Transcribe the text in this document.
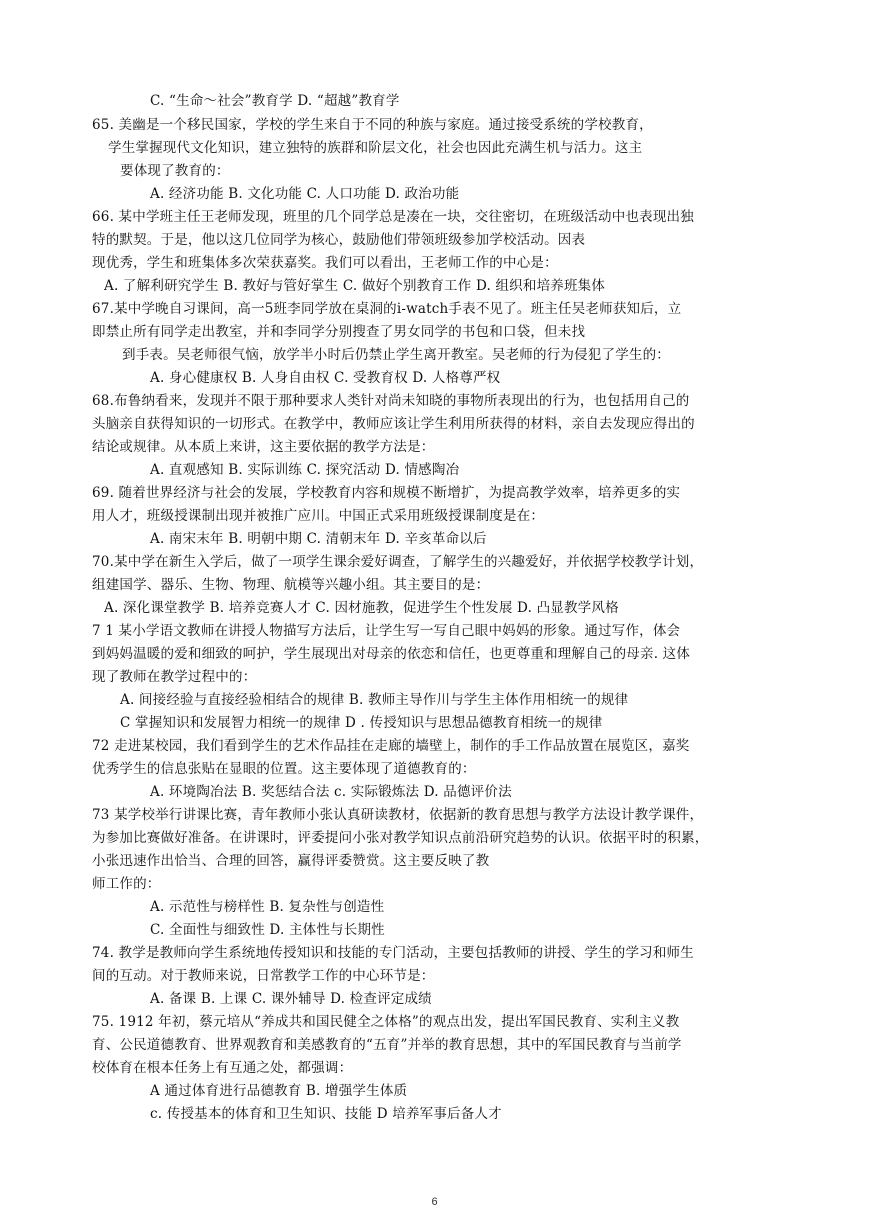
C. “生命～社会”教育学 D. “超越”教育学
65. 美幽是一个移民国家，学校的学生来自于不同的种族与家庭。通过接受系统的学校教育，
学生掌握现代文化知识，建立独特的族群和阶层文化，社会也因此充满生机与活力。这主
要体现了教育的：
A. 经济功能 B. 文化功能 C. 人口功能 D. 政治功能
66. 某中学班主任王老师发现，班里的几个同学总是凑在一块，交往密切，在班级活动中也表现出独
特的默契。于是，他以这几位同学为核心，鼓励他们带领班级参加学校活动。因表
现优秀，学生和班集体多次荣获嘉奖。我们可以看出，王老师工作的中心是：
A. 了解利研究学生 B. 教好与管好掌生 C. 做好个别教育工作 D. 组织和培养班集体
67.某中学晚自习课间，高一5班李同学放在桌洞的i-watch手表不见了。班主任吴老师获知后，立
即禁止所有同学走出教室，并和李同学分别搜查了男女同学的书包和口袋，但未找
到手表。吴老师很气恼，放学半小时后仍禁止学生离开教室。吴老师的行为侵犯了学生的：
A. 身心健康权 B. 人身自由权 C. 受教育权 D. 人格尊严权
68.布鲁纳看来，发现并不限于那种要求人类针对尚未知晓的事物所表现出的行为，也包括用自己的
头脑亲自获得知识的一切形式。在教学中，教师应该让学生利用所获得的材料，亲自去发现应得出的
结论或规律。从本质上来讲，这主要依据的教学方法是：
A. 直观感知 B. 实际训练 C. 探究活动 D. 情感陶冶
69. 随着世界经济与社会的发展，学校教育内容和规模不断增扩，为提高教学效率，培养更多的实
用人才，班级授课制出现并被推广应川。中国正式采用班级授课制度是在：
A. 南宋末年 B. 明朝中期 C. 清朝末年 D. 辛亥革命以后
70.某中学在新生入学后，做了一项学生课余爱好调查，了解学生的兴趣爱好，并依据学校教学计划，
组建国学、器乐、生物、物理、航模等兴趣小组。其主要目的是：
A. 深化课堂教学 B. 培养竞赛人才 C. 因材施教，促进学生个性发展 D. 凸显教学风格
7 1 某小学语文教师在讲授人物描写方法后，让学生写一写自己眼中妈妈的形象。通过写作，体会
到妈妈温暖的爱和细致的呵护，学生展现出对母亲的依恋和信任，也更尊重和理解自己的母亲. 这体
现了教师在教学过程中的：
A. 间接经验与直接经验相结合的规律 B. 教师主导作川与学生主体作用相统一的规律
C 掌握知识和发展智力相统一的规律 D . 传授知识与思想品德教育相统一的规律
72 走进某校园，我们看到学生的艺术作品挂在走廊的墙壁上，制作的手工作品放置在展览区，嘉奖
优秀学生的信息张贴在显眼的位置。这主要体现了道德教育的：
A. 环境陶冶法 B. 奖惩结合法 c. 实际锻炼法 D. 品德评价法
73 某学校举行讲课比赛，青年教师小张认真研读教材，依据新的教育思想与教学方法设计教学课件，
为参加比赛做好准备。在讲课时，评委提问小张对教学知识点前沿研究趋势的认识。依据平时的积累，
小张迅速作出恰当、合理的回答，赢得评委赞赏。这主要反映了教
师工作的：
A. 示范性与榜样性 B. 复杂性与创造性
C. 全面性与细致性 D. 主体性与长期性
74. 教学是教师向学生系统地传授知识和技能的专门活动，主要包括教师的讲授、学生的学习和师生
间的互动。对于教师来说，日常教学工作的中心环节是：
A. 备课 B. 上课 C. 课外辅导 D. 检查评定成绩
75. 1912 年初，蔡元培从“养成共和国民健全之体格”的观点出发，提出军国民教育、实利主义教
育、公民道德教育、世界观教育和美感教育的“五育”并举的教育思想，其中的军国民教育与当前学
校体育在根本任务上有互通之处，都强调：
A 通过体育进行品德教育 B. 增强学生体质
c. 传授基本的体育和卫生知识、技能 D 培养军事后备人才
6
